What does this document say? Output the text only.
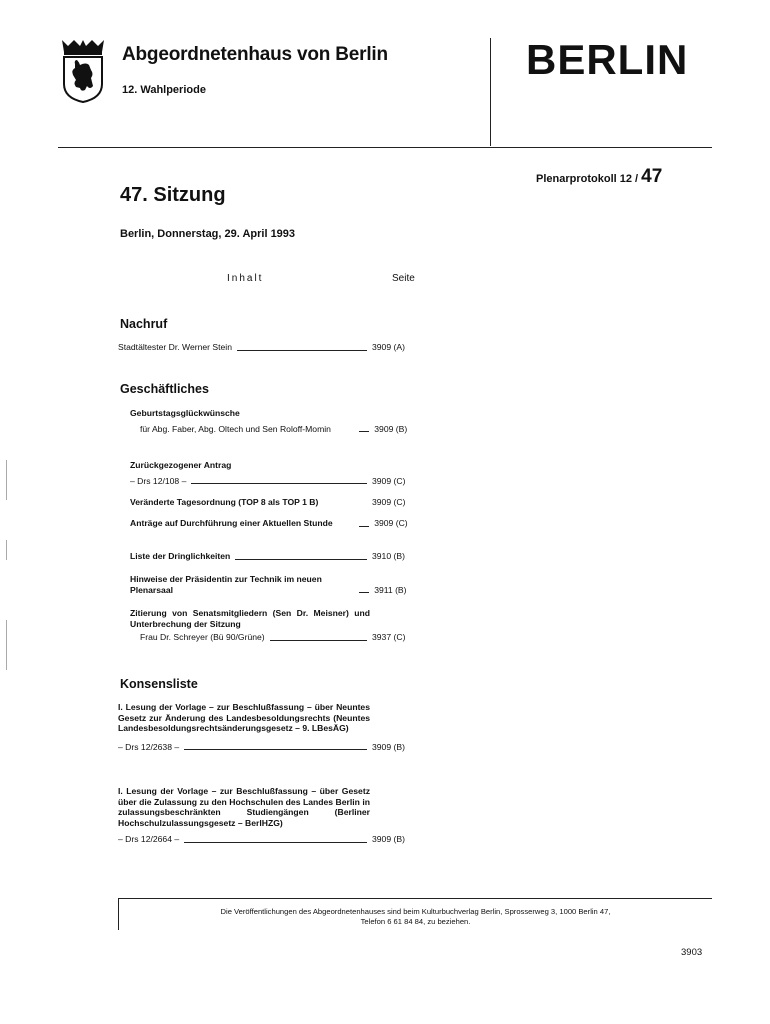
Abgeordnetenhaus von Berlin
12. Wahlperiode
BERLIN
Plenarprotokoll 12 / 47
47. Sitzung
Berlin, Donnerstag, 29. April 1993
Inhalt	Seite
Nachruf
Stadtältester Dr. Werner Stein	3909 (A)
Geschäftliches
Geburtstagsglückwünsche
für Abg. Faber, Abg. Oltech und Sen Roloff-Momin	3909 (B)
Zurückgezogener Antrag
– Drs 12/108 –	3909 (C)
Veränderte Tagesordnung (TOP 8 als TOP 1 B)	3909 (C)
Anträge auf Durchführung einer Aktuellen Stunde	3909 (C)
Liste der Dringlichkeiten	3910 (B)
Hinweise der Präsidentin zur Technik im neuen Plenarsaal	3911 (B)
Zitierung von Senatsmitgliedern (Sen Dr. Meisner) und Unterbrechung der Sitzung
Frau Dr. Schreyer (Bü 90/Grüne)	3937 (C)
Konsensliste
I. Lesung der Vorlage – zur Beschlußfassung – über Neuntes Gesetz zur Änderung des Landesbesoldungsrechts (Neuntes Landesbesoldungsrechtsänderungsgesetz – 9. LBesÄG)
– Drs 12/2638 –	3909 (B)
I. Lesung der Vorlage – zur Beschlußfassung – über Gesetz über die Zulassung zu den Hochschulen des Landes Berlin in zulassungsbeschränkten Studiengängen (Berliner Hochschulzulassungsgesetz – BerlHZG)
– Drs 12/2664 –	3909 (B)
Die Veröffentlichungen des Abgeordnetenhauses sind beim Kulturbuchverlag Berlin, Sprosserweg 3, 1000 Berlin 47,
Telefon 6 61 84 84, zu beziehen.
3903
